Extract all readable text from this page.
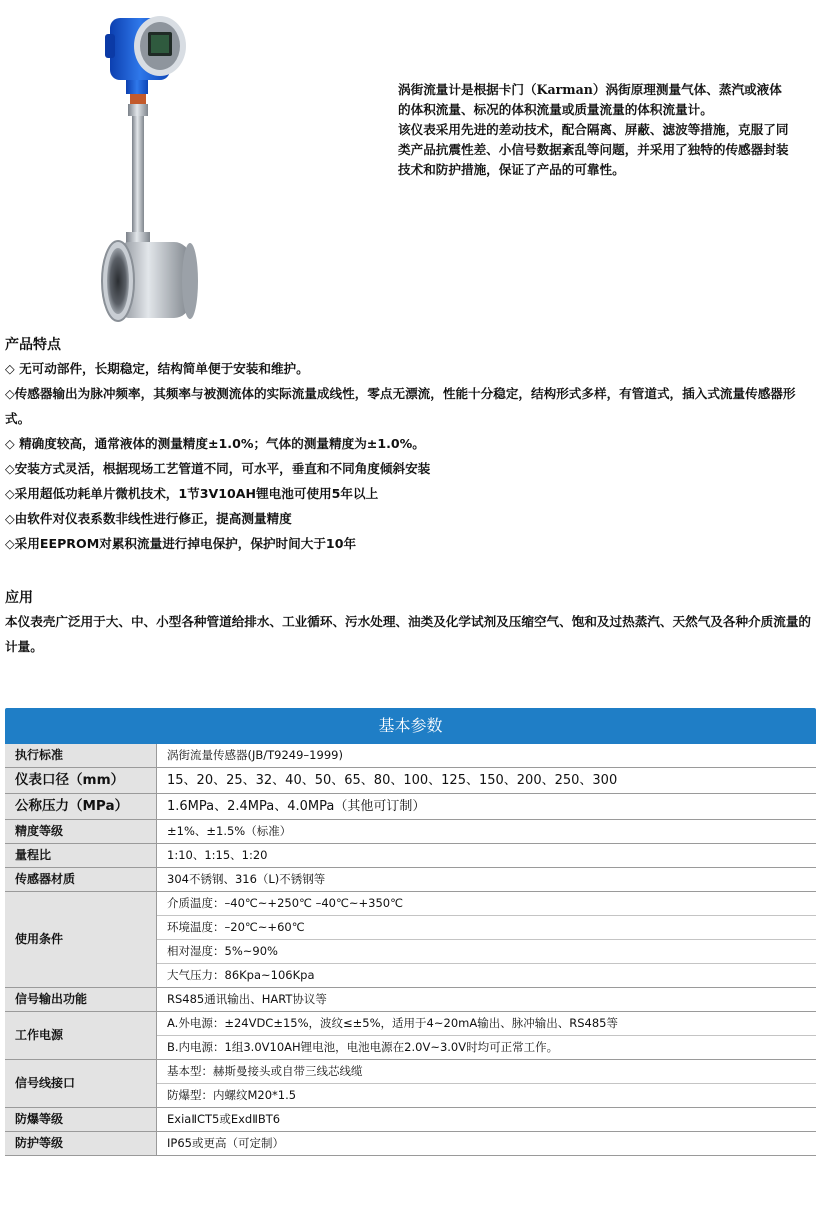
涡街流量计是根据卡门（Karman）涡街原理测量气体、蒸汽或液体的体积流量、标况的体积流量或质量流量的体积流量计。

该仪表采用先进的差动技术，配合隔离、屏蔽、滤波等措施，克服了同类产品抗震性差、小信号数据紊乱等问题，并采用了独特的传感器封装技术和防护措施，保证了产品的可靠性。

产品特点
◇ 无可动部件，长期稳定，结构简单便于安装和维护。
◇传感器输出为脉冲频率，其频率与被测流体的实际流量成线性，零点无漂流，性能十分稳定，结构形式多样，有管道式，插入式流量传感器形式。
◇ 精确度较高，通常液体的测量精度±1.0%；气体的测量精度为±1.0%。
◇安装方式灵活，根据现场工艺管道不同，可水平，垂直和不同角度倾斜安装
◇采用超低功耗单片微机技术，1节3V10AH锂电池可使用5年以上
◇由软件对仪表系数非线性进行修正，提高测量精度
◇采用EEPROM对累积流量进行掉电保护，保护时间大于10年
应用

本仪表壳广泛用于大、中、小型各种管道给排水、工业循环、污水处理、油类及化学试剂及压缩空气、饱和及过热蒸汽、天然气及各种介质流量的计量。

基本参数
执行标准	涡街流量传感器(JB/T9249–1999)
仪表口径（mm）	15、20、25、32、40、50、65、80、100、125、150、200、250、300
公称压力（MPa）	1.6MPa、2.4MPa、4.0MPa（其他可订制）
精度等级	±1%、±1.5%（标准）
量程比	1:10、1:15、1:20
传感器材质	304不锈钢、316（L)不锈钢等
使用条件	介质温度：–40℃~+250℃ –40℃~+350℃
	环境温度：–20℃~+60℃
	相对湿度：5%~90%
	大气压力：86Kpa~106Kpa
信号输出功能	RS485通讯输出、HART协议等
工作电源	A.外电源：±24VDC±15%，波纹≤±5%，适用于4~20mA输出、脉冲输出、RS485等
	B.内电源：1组3.0V10AH锂电池，电池电源在2.0V~3.0V时均可正常工作。
信号线接口	基本型：赫斯曼接头或自带三线芯线缆
	防爆型：内螺纹M20*1.5
防爆等级	ExiaⅡCT5或ExdⅡBT6
防护等级	IP65或更高（可定制）
